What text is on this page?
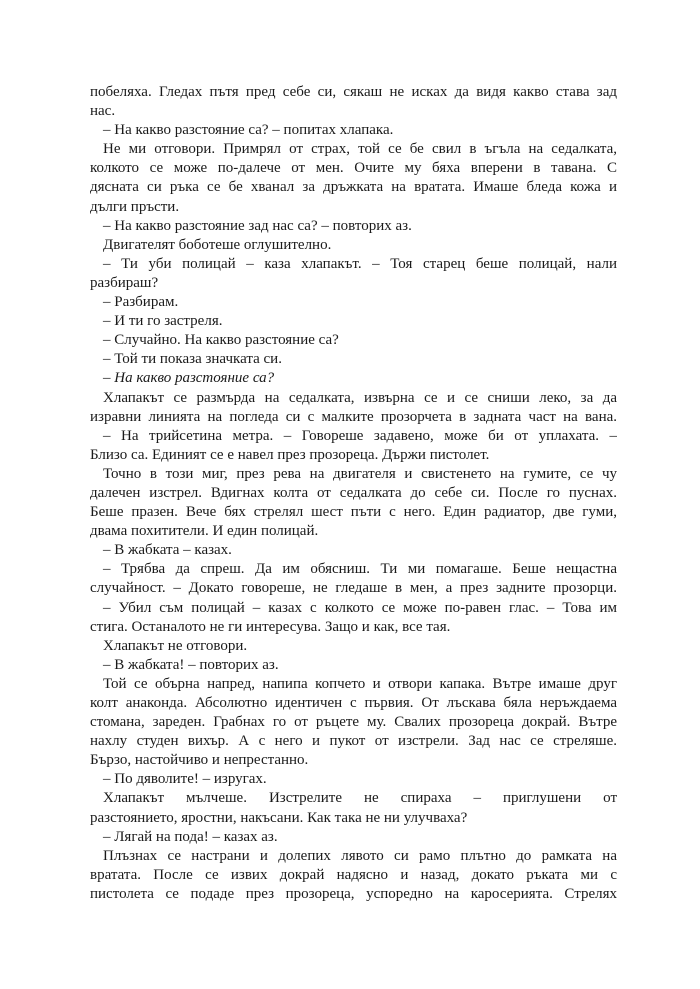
побеляха. Гледах пътя пред себе си, сякаш не исках да видя какво става зад
нас.
– На какво разстояние са? – попитах хлапака.
Не ми отговори. Примрял от страх, той се бе свил в ъгъла на седалката,
колкото се може по-далече от мен. Очите му бяха вперени в тавана. С
дясната си ръка се бе хванал за дръжката на вратата. Имаше бледа кожа и
дълги пръсти.
– На какво разстояние зад нас са? – повторих аз.
Двигателят боботеше оглушително.
– Ти уби полицай – каза хлапакът. – Тоя старец беше полицай, нали
разбираш?
– Разбирам.
– И ти го застреля.
– Случайно. На какво разстояние са?
– Той ти показа значката си.
– На какво разстояние са?
Хлапакът се размърда на седалката, извърна се и се сниши леко, за да
изравни линията на погледа си с малките прозорчета в задната част на вана.
– На трийсетина метра. – Говореше задавено, може би от уплахата. –
Близо са. Единият се е навел през прозореца. Държи пистолет.
Точно в този миг, през рева на двигателя и свистенето на гумите, се чу
далечен изстрел. Вдигнах колта от седалката до себе си. После го пуснах.
Беше празен. Вече бях стрелял шест пъти с него. Един радиатор, две гуми,
двама похитители. И един полицай.
– В жабката – казах.
– Трябва да спреш. Да им обясниш. Ти ми помагаше. Беше нещастна
случайност. – Докато говореше, не гледаше в мен, а през задните прозорци.
– Убил съм полицай – казах с колкото се може по-равен глас. – Това им
стига. Останалото не ги интересува. Защо и как, все тая.
Хлапакът не отговори.
– В жабката! – повторих аз.
Той се обърна напред, напипа копчето и отвори капака. Вътре имаше друг
колт анаконда. Абсолютно идентичен с първия. От лъскава бяла неръждаема
стомана, зареден. Грабнах го от ръцете му. Свалих прозореца докрай. Вътре
нахлу студен вихър. А с него и пукот от изстрели. Зад нас се стреляше.
Бързо, настойчиво и непрестанно.
– По дяволите! – изругах.
Хлапакът мълчеше. Изстрелите не спираха – приглушени от
разстоянието, яростни, накъсани. Как така не ни улучваха?
– Лягай на пода! – казах аз.
Плъзнах се настрани и долепих лявото си рамо плътно до рамката на
вратата. После се извих докрай надясно и назад, докато ръката ми с
пистолета се подаде през прозореца, успоредно на каросерията. Стрелях
